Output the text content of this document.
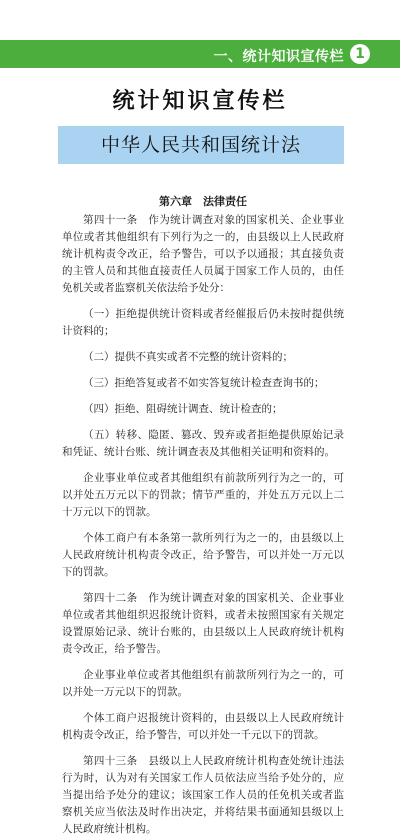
一、统计知识宣传栏 1
统计知识宣传栏
中华人民共和国统计法
第六章　法律责任

第四十一条　作为统计调查对象的国家机关、企业事业单位或者其他组织有下列行为之一的，由县级以上人民政府统计机构责令改正，给予警告，可以予以通报；其直接负责的主管人员和其他直接责任人员属于国家工作人员的，由任免机关或者监察机关依法给予处分：

（一）拒绝提供统计资料或者经催报后仍未按时提供统计资料的；

（二）提供不真实或者不完整的统计资料的；

（三）拒绝答复或者不如实答复统计检查查询书的；

（四）拒绝、阻碍统计调查、统计检查的；

（五）转移、隐匿、篡改、毁弃或者拒绝提供原始记录和凭证、统计台账、统计调查表及其他相关证明和资料的。

企业事业单位或者其他组织有前款所列行为之一的，可以并处五万元以下的罚款；情节严重的，并处五万元以上二十万元以下的罚款。

个体工商户有本条第一款所列行为之一的，由县级以上人民政府统计机构责令改正，给予警告，可以并处一万元以下的罚款。

第四十二条　作为统计调查对象的国家机关、企业事业单位或者其他组织迟报统计资料，或者未按照国家有关规定设置原始记录、统计台账的，由县级以上人民政府统计机构责令改正，给予警告。

企业事业单位或者其他组织有前款所列行为之一的，可以并处一万元以下的罚款。

个体工商户迟报统计资料的，由县级以上人民政府统计机构责令改正，给予警告，可以并处一千元以下的罚款。

第四十三条　县级以上人民政府统计机构查处统计违法行为时，认为对有关国家工作人员依法应当给予处分的，应当提出给予处分的建议；该国家工作人员的任免机关或者监察机关应当依法及时作出决定，并将结果书面通知县级以上人民政府统计机构。
